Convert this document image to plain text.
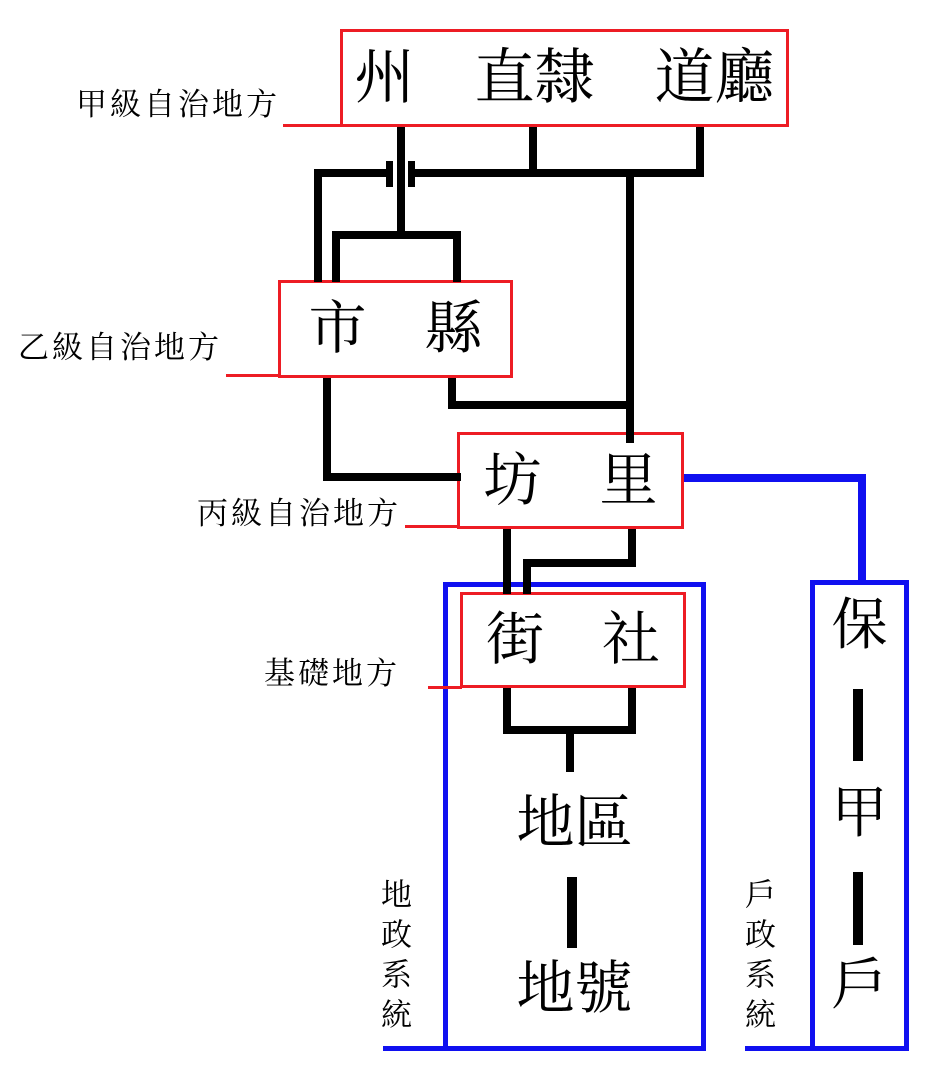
州　直隸　道廳
市　縣
坊　里
街　社
地區
地號
保
甲
戶
甲級自治地方
乙級自治地方
丙級自治地方
基礎地方
地政系統	戶政系統
